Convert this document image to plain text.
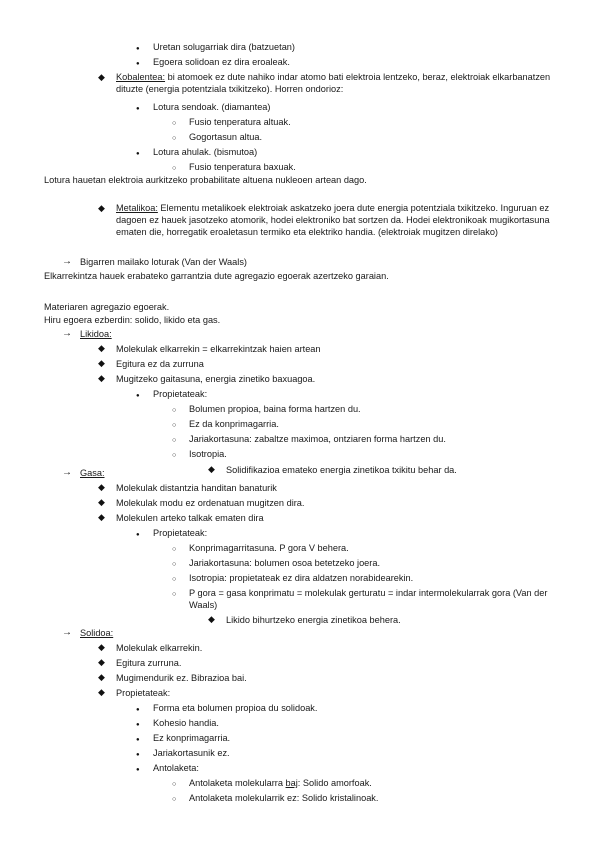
●
Uretan solugarriak dira (batzuetan)
●
Egoera solidoan ez dira eroaleak.
◆
Kobalentea: bi atomoek ez dute nahiko indar atomo bati elektroia lentzeko, beraz, elektroiak elkarbanatzen dituzte (energia potentziala txikitzeko). Horren ondorioz:
●
Lotura sendoak. (diamantea)
○
Fusio tenperatura altuak.
○
Gogortasun altua.
●
Lotura ahulak. (bismutoa)
○
Fusio tenperatura baxuak.
Lotura hauetan elektroia aurkitzeko probabilitate altuena nukleoen artean dago.
◆
Metalikoa: Elementu metalikoek elektroiak askatzeko joera dute energia potentziala txikitzeko. Inguruan ez dagoen ez hauek jasotzeko atomorik, hodei elektroniko bat sortzen da. Hodei elektronikoak mugikortasuna ematen die, horregatik eroaletasun termiko eta elektriko handia. (elektroiak mugitzen direlako)
→
Bigarren mailako loturak (Van der Waals)
Elkarrekintza hauek erabateko garrantzia dute agregazio egoerak azertzeko garaian.
Materiaren agregazio egoerak.
Hiru egoera ezberdin: solido, likido eta gas.
→
Likidoa:
◆
Molekulak elkarrekin = elkarrekintzak haien artean
◆
Egitura ez da zurruna
◆
Mugitzeko gaitasuna, energia zinetiko baxuagoa.
●
Propietateak:
○
Bolumen propioa, baina forma hartzen du.
○
Ez da konprimagarria.
○
Jariakortasuna: zabaltze maximoa, ontziaren forma hartzen du.
○
Isotropia.
◆
Solidifikazioa emateko energia zinetikoa txikitu behar da.
→
Gasa:
◆
Molekulak distantzia handitan banaturik
◆
Molekulak modu ez ordenatuan mugitzen dira.
◆
Molekulen arteko talkak ematen dira
●
Propietateak:
○
Konprimagarritasuna. P gora V behera.
○
Jariakortasuna: bolumen osoa betetzeko joera.
○
Isotropia: propietateak ez dira aldatzen norabidearekin.
○
P gora = gasa konprimatu = molekulak gerturatu = indar intermolekularrak gora (Van der Waals)
◆
Likido bihurtzeko energia zinetikoa behera.
→
Solidoa:
◆
Molekulak elkarrekin.
◆
Egitura zurruna.
◆
Mugimendurik ez. Bibrazioa bai.
◆
Propietateak:
●
Forma eta bolumen propioa du solidoak.
●
Kohesio handia.
●
Ez konprimagarria.
●
Jariakortasunik ez.
●
Antolaketa:
○
Antolaketa molekularra baj: Solido amorfoak.
○
Antolaketa molekularrik ez: Solido kristalinoak.
